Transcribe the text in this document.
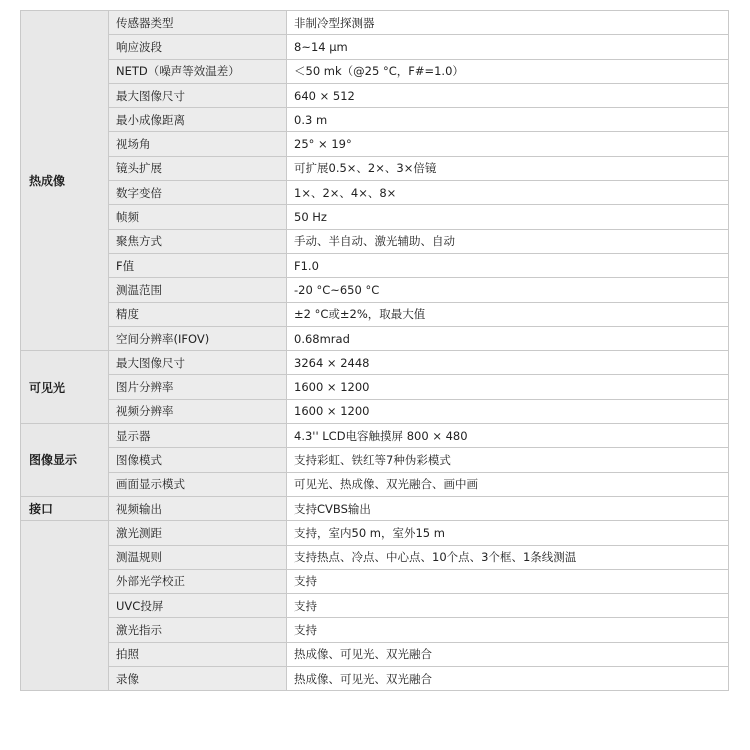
热成像	传感器类型	非制冷型探测器
	响应波段	8~14 μm
	NETD（噪声等效温差）	＜50 mk（@25 °C，F#=1.0）
	最大图像尺寸	640 × 512
	最小成像距离	0.3 m
	视场角	25° × 19°
	镜头扩展	可扩展0.5×、2×、3×倍镜
	数字变倍	1×、2×、4×、8×
	帧频	50 Hz
	聚焦方式	手动、半自动、激光辅助、自动
	F值	F1.0
	测温范围	-20 °C~650 °C
	精度	±2 °C或±2%，取最大值
	空间分辨率(IFOV)	0.68mrad
可见光	最大图像尺寸	3264 × 2448
	图片分辨率	1600 × 1200
	视频分辨率	1600 × 1200
图像显示	显示器	4.3'' LCD电容触摸屏 800 × 480
	图像模式	支持彩虹、铁红等7种伪彩模式
	画面显示模式	可见光、热成像、双光融合、画中画
接口	视频输出	支持CVBS输出
	激光测距	支持，室内50 m，室外15 m
	测温规则	支持热点、冷点、中心点、10个点、3个框、1条线测温
	外部光学校正	支持
	UVC投屏	支持
	激光指示	支持
	拍照	热成像、可见光、双光融合
	录像	热成像、可见光、双光融合
